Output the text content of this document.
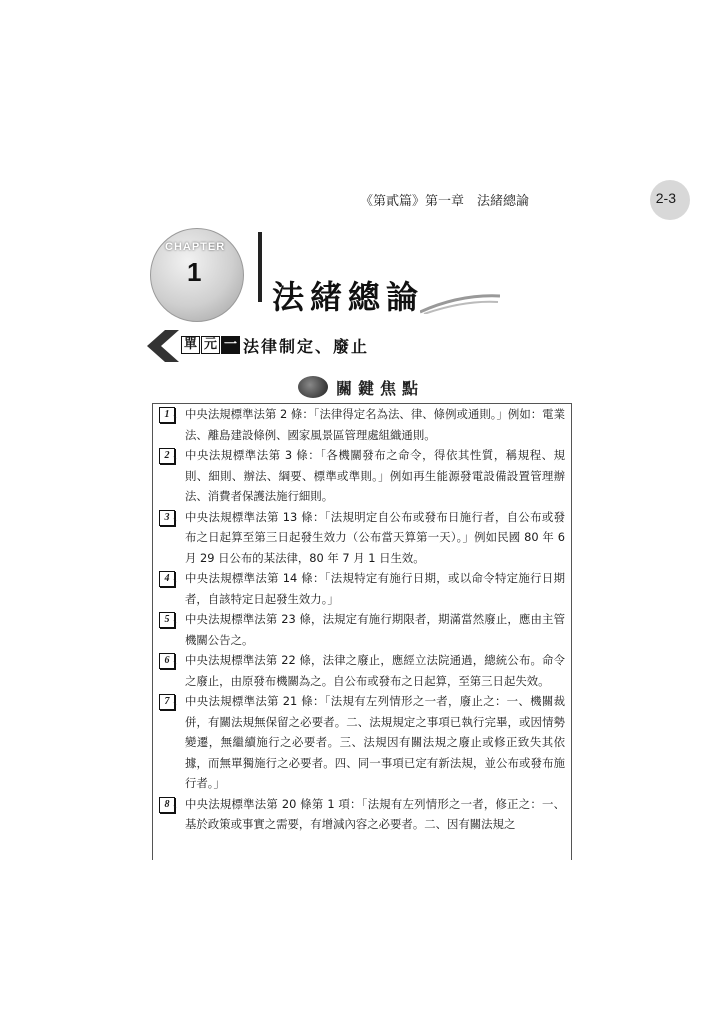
《第貳篇》第一章　法緒總論	2-3
CHAPTER
1
法緒總論
單 元 一 法律制定、廢止
關鍵焦點
1 、 中央法規標準法第 2 條：「法律得定名為法、律、條例或通則。」例如：電業法、離島建設條例、國家風景區管理處組織通則。
2 、 中央法規標準法第 3 條：「各機關發布之命令，得依其性質，稱規程、規則、細則、辦法、綱要、標準或準則。」例如再生能源發電設備設置管理辦法、消費者保護法施行細則。
3 、 中央法規標準法第 13 條：「法規明定自公布或發布日施行者，自公布或發布之日起算至第三日起發生效力（公布當天算第一天）。」例如民國 80 年 6 月 29 日公布的某法律，80 年 7 月 1 日生效。
4 、 中央法規標準法第 14 條：「法規特定有施行日期，或以命令特定施行日期者，自該特定日起發生效力。」
5 、 中央法規標準法第 23 條，法規定有施行期限者，期滿當然廢止，應由主管機關公告之。
6 、 中央法規標準法第 22 條，法律之廢止，應經立法院通過，總統公布。命令之廢止，由原發布機關為之。自公布或發布之日起算，至第三日起失效。
7 、 中央法規標準法第 21 條：「法規有左列情形之一者，廢止之：一、機關裁併，有關法規無保留之必要者。二、法規規定之事項已執行完畢，或因情勢變遷，無繼續施行之必要者。三、法規因有關法規之廢止或修正致失其依據，而無單獨施行之必要者。四、同一事項已定有新法規，並公布或發布施行者。」
8 、 中央法規標準法第 20 條第 1 項：「法規有左列情形之一者，修正之：一、基於政策或事實之需要，有增減內容之必要者。二、因有關法規之
